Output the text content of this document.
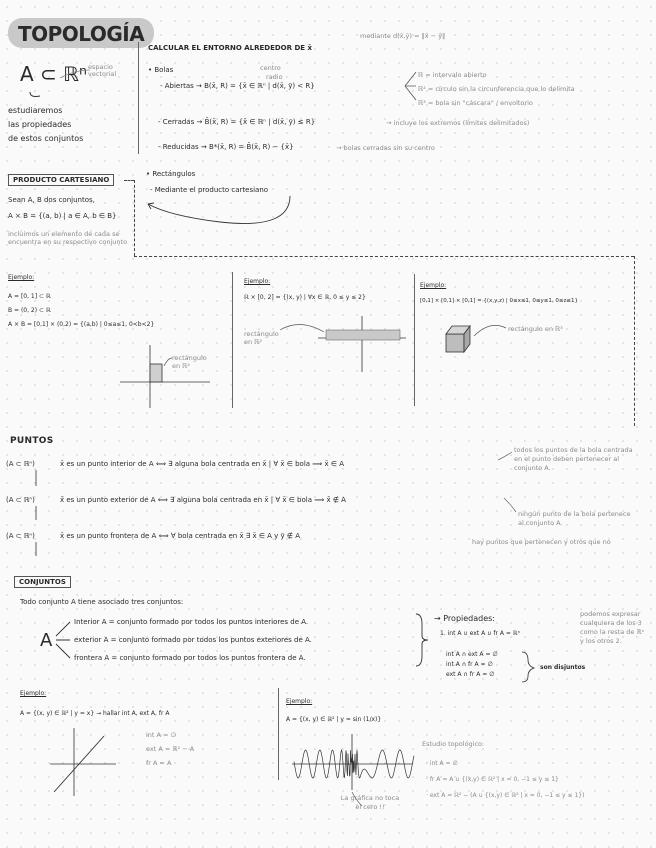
TOPOLOGÍA
A ⊂ ℝⁿ espacio vectorial
estudiaremos
las propiedades
de estos conjuntos
CALCULAR EL ENTORNO ALREDEDOR DE x̄
mediante d(x̄,ȳ) = ‖x̄ − ȳ‖
• Bolas	centro
radio
- Abiertas → B(x̄, R) = {x̄ ∈ ℝⁿ | d(x̄, ȳ) < R}
ℝ = intervalo abierto
ℝ² = círculo sin la circunferencia que lo delimita
ℝ³ = bola sin "cáscara" / envoltorio
- Cerradas → B̄(x̄, R) = {x̄ ∈ ℝⁿ | d(x̄, ȳ) ≤ R}	→ incluye los extremos (límites delimitados)
- Reducidas → B*(x̄, R) = B̄(x̄, R) − {x̄}	→ bolas cerradas sin su centro
• Rectángulos
- Mediante el producto cartesiano
PRODUCTO CARTESIANO
Sean A, B dos conjuntos,
A × B = {(a, b) | a ∈ A, b ∈ B}
incluimos un elemento de cada se encuentra en su respectivo conjunto
Ejemplo:
A = [0, 1] ⊂ ℝ
B = (0, 2) ⊂ ℝ
A × B = [0,1] × (0,2) = {(a,b) | 0≤a≤1, 0<b<2}
rectángulo en ℝ²
Ejemplo:
ℝ × [0, 2] = {(x, y) | ∀x ∈ ℝ, 0 ≤ y ≤ 2}
rectángulo en ℝ²
Ejemplo:
[0,1] × [0,1] × [0,1] = {(x,y,z) | 0≤x≤1, 0≤y≤1, 0≤z≤1}
rectángulo en ℝ³
PUNTOS
(A ⊂ ℝⁿ)	x̄ es un punto interior de A ⟺ ∃ alguna bola centrada en x̄ | ∀ x̄ ∈ bola ⟹ x̄ ∈ A
todos los puntos de la bola centrada en el punto deben pertenecer al conjunto A.
(A ⊂ ℝⁿ)	x̄ es un punto exterior de A ⟺ ∃ alguna bola centrada en x̄ | ∀ x̄ ∈ bola ⟹ x̄ ∉ A
ningún punto de la bola pertenece al conjunto A.
(A ⊂ ℝⁿ)	x̄ es un punto frontera de A ⟺ ∀ bola centrada en x̄ ∃ x̄ ∈ A y ȳ ∉ A
hay puntos que pertenecen y otros que no
CONJUNTOS
Todo conjunto A tiene asociado tres conjuntos:
A
Interior A = conjunto formado por todos los puntos interiores de A.
exterior A = conjunto formado por todos los puntos exteriores de A.
frontera A = conjunto formado por todos los puntos frontera de A.
→ Propiedades:
1. int A ∪ ext A ∪ fr A = ℝⁿ
int A ∩ ext A = ∅
int A ∩ fr A = ∅
ext A ∩ fr A = ∅
son disjuntos
podemos expresar cualquiera de los 3 como la resta de ℝⁿ y los otros 2.
Ejemplo:
A = {(x, y) ∈ ℝ² | y = x} → hallar int A, ext A, fr A
int A = ∅
ext A = ℝ² − A
fr A = A
Ejemplo:
A = {(x, y) ∈ ℝ² | y = sin (1/x)}
La gráfica no toca el cero !!
Estudio topológico:
· int A = ∅
· fr A = A ∪ {(x,y) ∈ ℝ² | x = 0, −1 ≤ y ≤ 1}
· ext A = ℝ² − (A ∪ {(x,y) ∈ ℝ² | x = 0, −1 ≤ y ≤ 1})
